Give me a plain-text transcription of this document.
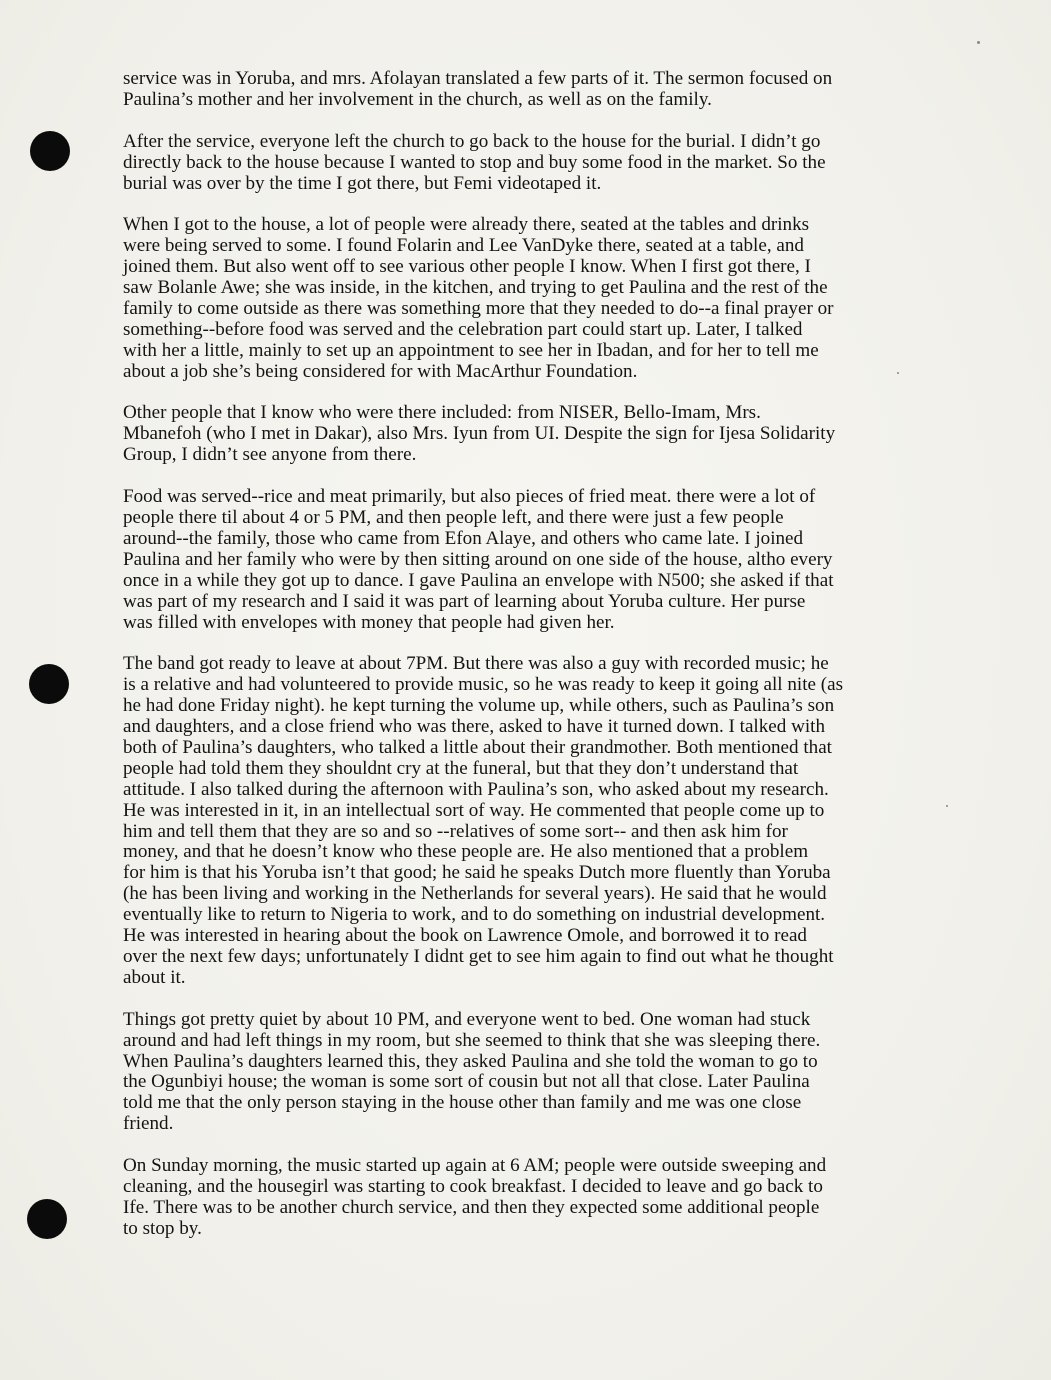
service was in Yoruba, and mrs. Afolayan translated a few parts of it. The sermon focused on
Paulina’s mother and her involvement in the church, as well as on the family.

After the service, everyone left the church to go back to the house for the burial. I didn’t go
directly back to the house because I wanted to stop and buy some food in the market. So the
burial was over by the time I got there, but Femi videotaped it.

When I got to the house, a lot of people were already there, seated at the tables and drinks
were being served to some. I found Folarin and Lee VanDyke there, seated at a table, and
joined them. But also went off to see various other people I know. When I first got there, I
saw Bolanle Awe; she was inside, in the kitchen, and trying to get Paulina and the rest of the
family to come outside as there was something more that they needed to do--a final prayer or
something--before food was served and the celebration part could start up. Later, I talked
with her a little, mainly to set up an appointment to see her in Ibadan, and for her to tell me
about a job she’s being considered for with MacArthur Foundation.

Other people that I know who were there included: from NISER, Bello-Imam, Mrs.
Mbanefoh (who I met in Dakar), also Mrs. Iyun from UI. Despite the sign for Ijesa Solidarity
Group, I didn’t see anyone from there.

Food was served--rice and meat primarily, but also pieces of fried meat. there were a lot of
people there til about 4 or 5 PM, and then people left, and there were just a few people
around--the family, those who came from Efon Alaye, and others who came late. I joined
Paulina and her family who were by then sitting around on one side of the house, altho every
once in a while they got up to dance. I gave Paulina an envelope with N500; she asked if that
was part of my research and I said it was part of learning about Yoruba culture. Her purse
was filled with envelopes with money that people had given her.

The band got ready to leave at about 7PM. But there was also a guy with recorded music; he
is a relative and had volunteered to provide music, so he was ready to keep it going all nite (as
he had done Friday night). he kept turning the volume up, while others, such as Paulina’s son
and daughters, and a close friend who was there, asked to have it turned down. I talked with
both of Paulina’s daughters, who talked a little about their grandmother. Both mentioned that
people had told them they shouldnt cry at the funeral, but that they don’t understand that
attitude. I also talked during the afternoon with Paulina’s son, who asked about my research.
He was interested in it, in an intellectual sort of way. He commented that people come up to
him and tell them that they are so and so --relatives of some sort-- and then ask him for
money, and that he doesn’t know who these people are. He also mentioned that a problem
for him is that his Yoruba isn’t that good; he said he speaks Dutch more fluently than Yoruba
(he has been living and working in the Netherlands for several years). He said that he would
eventually like to return to Nigeria to work, and to do something on industrial development.
He was interested in hearing about the book on Lawrence Omole, and borrowed it to read
over the next few days; unfortunately I didnt get to see him again to find out what he thought
about it.

Things got pretty quiet by about 10 PM, and everyone went to bed. One woman had stuck
around and had left things in my room, but she seemed to think that she was sleeping there.
When Paulina’s daughters learned this, they asked Paulina and she told the woman to go to
the Ogunbiyi house; the woman is some sort of cousin but not all that close. Later Paulina
told me that the only person staying in the house other than family and me was one close
friend.

On Sunday morning, the music started up again at 6 AM; people were outside sweeping and
cleaning, and the housegirl was starting to cook breakfast. I decided to leave and go back to
Ife. There was to be another church service, and then they expected some additional people
to stop by.
